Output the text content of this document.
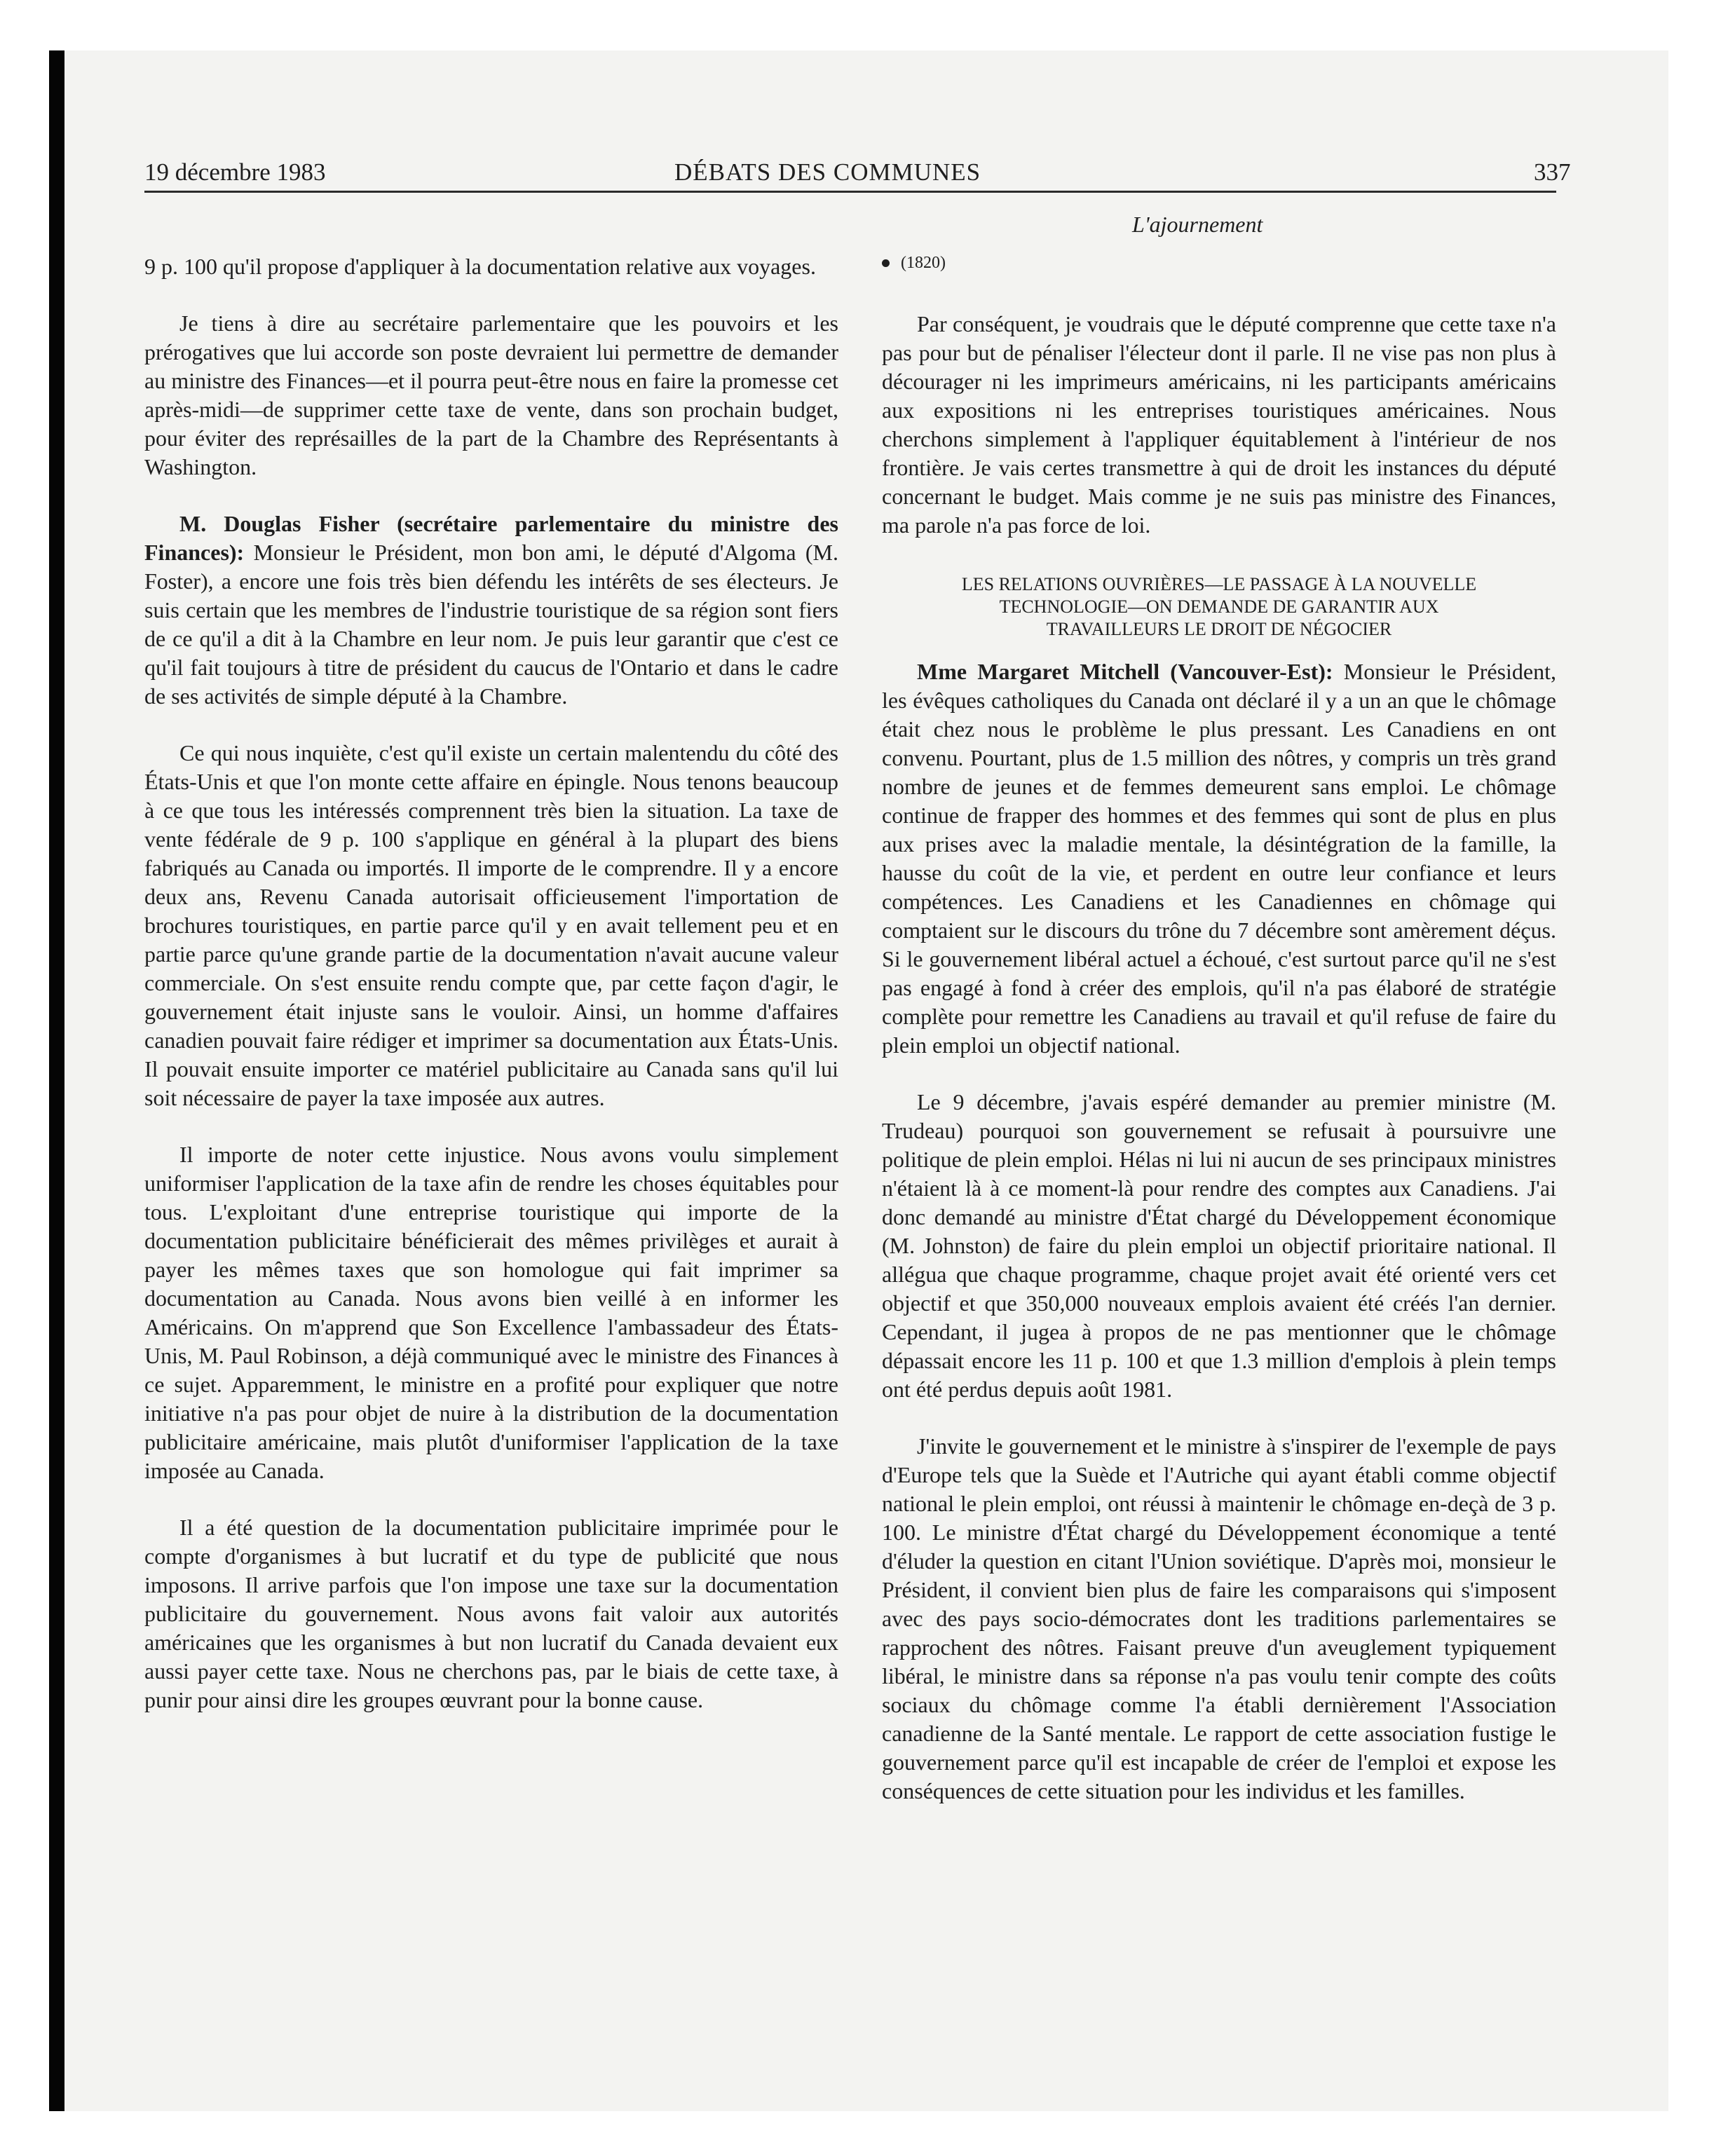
19 décembre 1983	DÉBATS DES COMMUNES	337
L'ajournement

9 p. 100 qu'il propose d'appliquer à la documentation relative aux voyages.

Je tiens à dire au secrétaire parlementaire que les pouvoirs et les prérogatives que lui accorde son poste devraient lui permettre de demander au ministre des Finances—et il pourra peut-être nous en faire la promesse cet après-midi—de supprimer cette taxe de vente, dans son prochain budget, pour éviter des représailles de la part de la Chambre des Représentants à Washington.

M. Douglas Fisher (secrétaire parlementaire du ministre des Finances): Monsieur le Président, mon bon ami, le député d'Algoma (M. Foster), a encore une fois très bien défendu les intérêts de ses électeurs. Je suis certain que les membres de l'industrie touristique de sa région sont fiers de ce qu'il a dit à la Chambre en leur nom. Je puis leur garantir que c'est ce qu'il fait toujours à titre de président du caucus de l'Ontario et dans le cadre de ses activités de simple député à la Chambre.

Ce qui nous inquiète, c'est qu'il existe un certain malentendu du côté des États-Unis et que l'on monte cette affaire en épingle. Nous tenons beaucoup à ce que tous les intéressés comprennent très bien la situation. La taxe de vente fédérale de 9 p. 100 s'applique en général à la plupart des biens fabriqués au Canada ou importés. Il importe de le comprendre. Il y a encore deux ans, Revenu Canada autorisait officieusement l'importation de brochures touristiques, en partie parce qu'il y en avait tellement peu et en partie parce qu'une grande partie de la documentation n'avait aucune valeur commerciale. On s'est ensuite rendu compte que, par cette façon d'agir, le gouvernement était injuste sans le vouloir. Ainsi, un homme d'affaires canadien pouvait faire rédiger et imprimer sa documentation aux États-Unis. Il pouvait ensuite importer ce matériel publicitaire au Canada sans qu'il lui soit nécessaire de payer la taxe imposée aux autres.

Il importe de noter cette injustice. Nous avons voulu simplement uniformiser l'application de la taxe afin de rendre les choses équitables pour tous. L'exploitant d'une entreprise touristique qui importe de la documentation publicitaire bénéficierait des mêmes privilèges et aurait à payer les mêmes taxes que son homologue qui fait imprimer sa documentation au Canada. Nous avons bien veillé à en informer les Américains. On m'apprend que Son Excellence l'ambassadeur des États-Unis, M. Paul Robinson, a déjà communiqué avec le ministre des Finances à ce sujet. Apparemment, le ministre en a profité pour expliquer que notre initiative n'a pas pour objet de nuire à la distribution de la documentation publicitaire américaine, mais plutôt d'uniformiser l'application de la taxe imposée au Canada.

Il a été question de la documentation publicitaire imprimée pour le compte d'organismes à but lucratif et du type de publicité que nous imposons. Il arrive parfois que l'on impose une taxe sur la documentation publicitaire du gouvernement. Nous avons fait valoir aux autorités américaines que les organismes à but non lucratif du Canada devaient eux aussi payer cette taxe. Nous ne cherchons pas, par le biais de cette taxe, à punir pour ainsi dire les groupes œuvrant pour la bonne cause.

(1820)

Par conséquent, je voudrais que le député comprenne que cette taxe n'a pas pour but de pénaliser l'électeur dont il parle. Il ne vise pas non plus à décourager ni les imprimeurs américains, ni les participants américains aux expositions ni les entreprises touristiques américaines. Nous cherchons simplement à l'appliquer équitablement à l'intérieur de nos frontière. Je vais certes transmettre à qui de droit les instances du député concernant le budget. Mais comme je ne suis pas ministre des Finances, ma parole n'a pas force de loi.

LES RELATIONS OUVRIÈRES—LE PASSAGE À LA NOUVELLE
TECHNOLOGIE—ON DEMANDE DE GARANTIR AUX
TRAVAILLEURS LE DROIT DE NÉGOCIER

Mme Margaret Mitchell (Vancouver-Est): Monsieur le Président, les évêques catholiques du Canada ont déclaré il y a un an que le chômage était chez nous le problème le plus pressant. Les Canadiens en ont convenu. Pourtant, plus de 1.5 million des nôtres, y compris un très grand nombre de jeunes et de femmes demeurent sans emploi. Le chômage continue de frapper des hommes et des femmes qui sont de plus en plus aux prises avec la maladie mentale, la désintégration de la famille, la hausse du coût de la vie, et perdent en outre leur confiance et leurs compétences. Les Canadiens et les Canadiennes en chômage qui comptaient sur le discours du trône du 7 décembre sont amèrement déçus. Si le gouvernement libéral actuel a échoué, c'est surtout parce qu'il ne s'est pas engagé à fond à créer des emplois, qu'il n'a pas élaboré de stratégie complète pour remettre les Canadiens au travail et qu'il refuse de faire du plein emploi un objectif national.

Le 9 décembre, j'avais espéré demander au premier ministre (M. Trudeau) pourquoi son gouvernement se refusait à poursuivre une politique de plein emploi. Hélas ni lui ni aucun de ses principaux ministres n'étaient là à ce moment-là pour rendre des comptes aux Canadiens. J'ai donc demandé au ministre d'État chargé du Développement économique (M. Johnston) de faire du plein emploi un objectif prioritaire national. Il allégua que chaque programme, chaque projet avait été orienté vers cet objectif et que 350,000 nouveaux emplois avaient été créés l'an dernier. Cependant, il jugea à propos de ne pas mentionner que le chômage dépassait encore les 11 p. 100 et que 1.3 million d'emplois à plein temps ont été perdus depuis août 1981.

J'invite le gouvernement et le ministre à s'inspirer de l'exemple de pays d'Europe tels que la Suède et l'Autriche qui ayant établi comme objectif national le plein emploi, ont réussi à maintenir le chômage en-deçà de 3 p. 100. Le ministre d'État chargé du Développement économique a tenté d'éluder la question en citant l'Union soviétique. D'après moi, monsieur le Président, il convient bien plus de faire les comparaisons qui s'imposent avec des pays socio-démocrates dont les traditions parlementaires se rapprochent des nôtres. Faisant preuve d'un aveuglement typiquement libéral, le ministre dans sa réponse n'a pas voulu tenir compte des coûts sociaux du chômage comme l'a établi dernièrement l'Association canadienne de la Santé mentale. Le rapport de cette association fustige le gouvernement parce qu'il est incapable de créer de l'emploi et expose les conséquences de cette situation pour les individus et les familles.
